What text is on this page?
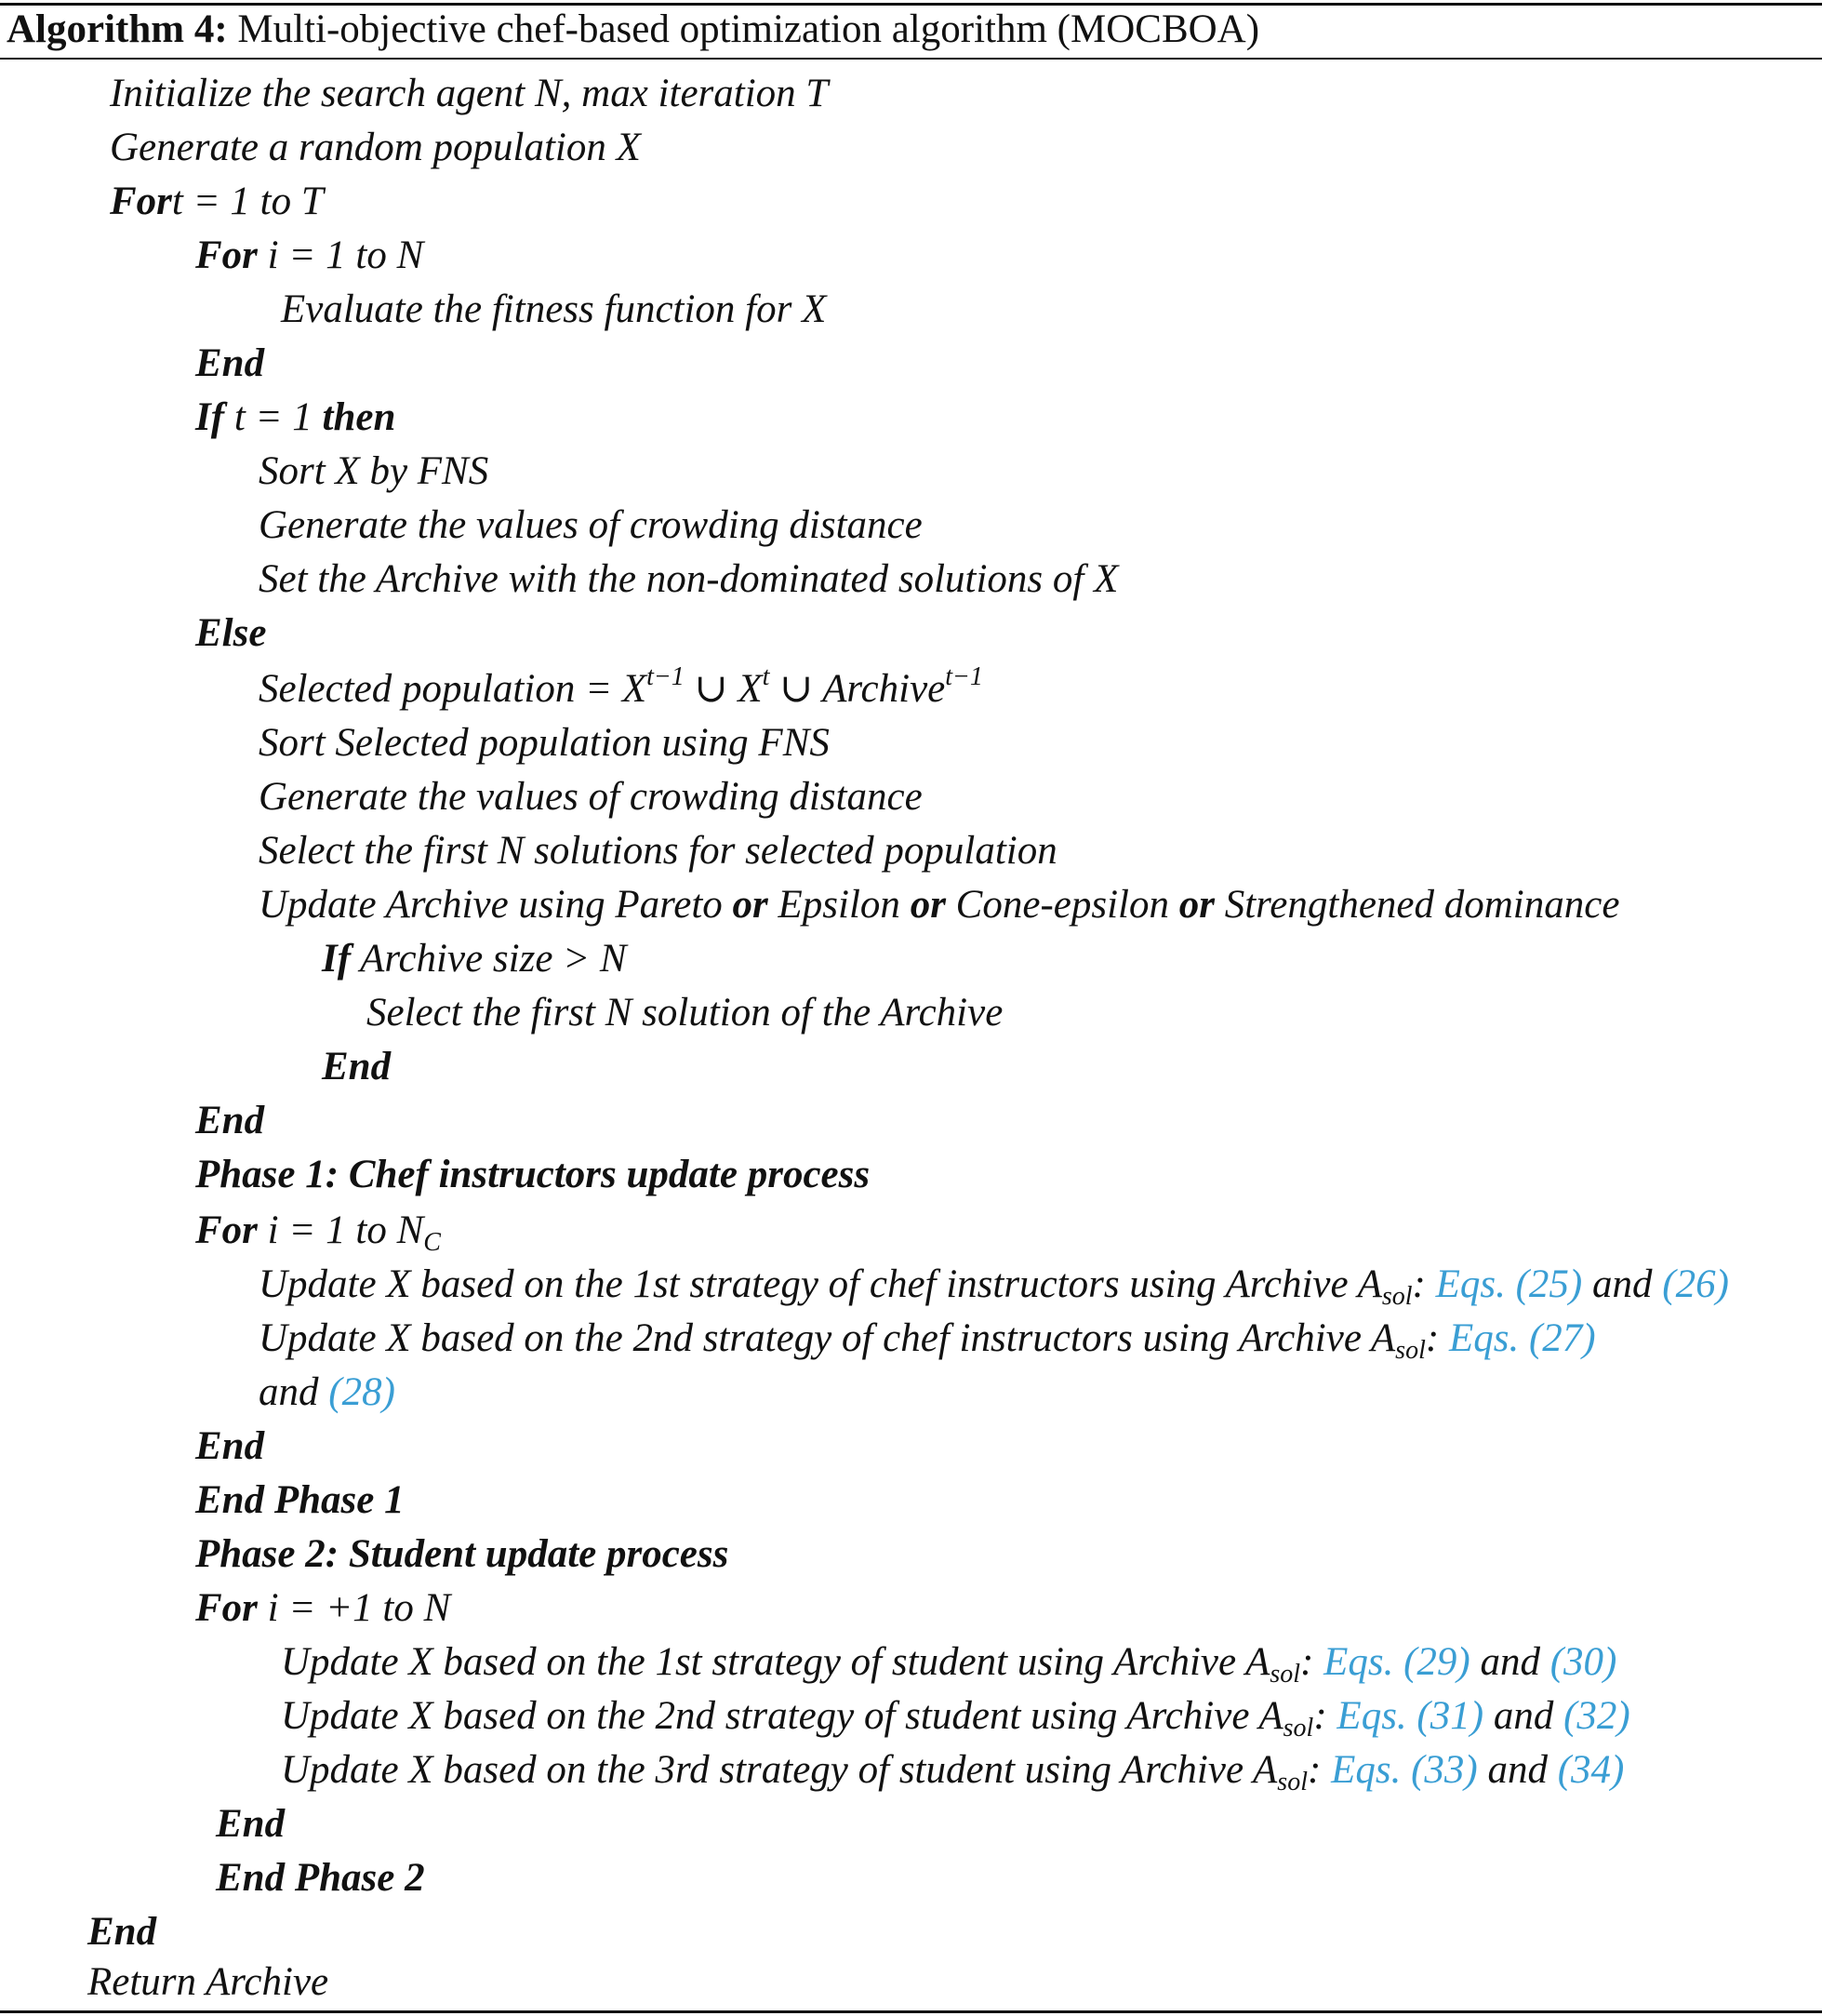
Algorithm 4: Multi-objective chef-based optimization algorithm (MOCBOA)
Initialize the search agent N, max iteration T
Generate a random population X
Fort = 1 to T
For i = 1 to N
Evaluate the fitness function for X
End
If t = 1 then
Sort X by FNS
Generate the values of crowding distance
Set the Archive with the non-dominated solutions of X
Else
Selected population = $X^{t-1}$ ∪ $X^t$ ∪ Archive$^{t-1}$
Sort Selected population using FNS
Generate the values of crowding distance
Select the first N solutions for selected population
Update Archive using Pareto or Epsilon or Cone-epsilon or Strengthened dominance
If Archive size > N
Select the first N solution of the Archive
End
End
Phase 1: Chef instructors update process
For i = 1 to $N_C$
Update X based on the 1st strategy of chef instructors using Archive $A_{sol}$: Eqs. (25) and (26)
Update X based on the 2nd strategy of chef instructors using Archive $A_{sol}$: Eqs. (27)
and (28)
End
End Phase 1
Phase 2: Student update process
For i = +1 to N
Update X based on the 1st strategy of student using Archive $A_{sol}$: Eqs. (29) and (30)
Update X based on the 2nd strategy of student using Archive $A_{sol}$: Eqs. (31) and (32)
Update X based on the 3rd strategy of student using Archive $A_{sol}$: Eqs. (33) and (34)
End
End Phase 2
End
Return Archive
